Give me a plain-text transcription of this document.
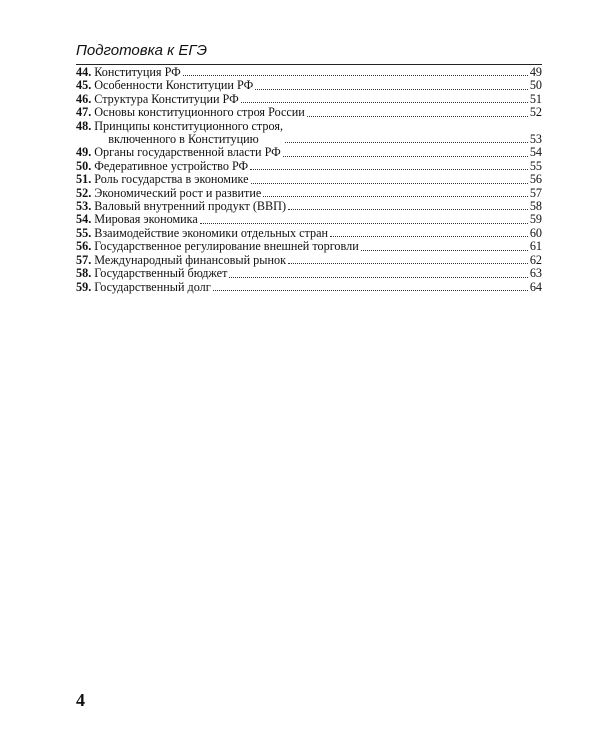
Подготовка к ЕГЭ
44. Конституция РФ	49
45. Особенности Конституции РФ	50
46. Структура Конституции РФ	51
47. Основы конституционного строя России	52
48. Принципы конституционного строя,
включенного в Конституцию	53
49. Органы государственной власти РФ	54
50. Федеративное устройство РФ	55
51. Роль государства в экономике	56
52. Экономический рост и развитие	57
53. Валовый внутренний продукт (ВВП)	58
54. Мировая экономика	59
55. Взаимодействие экономики отдельных стран	60
56. Государственное регулирование внешней торговли	61
57. Международный финансовый рынок	62
58. Государственный бюджет	63
59. Государственный долг	64
4
